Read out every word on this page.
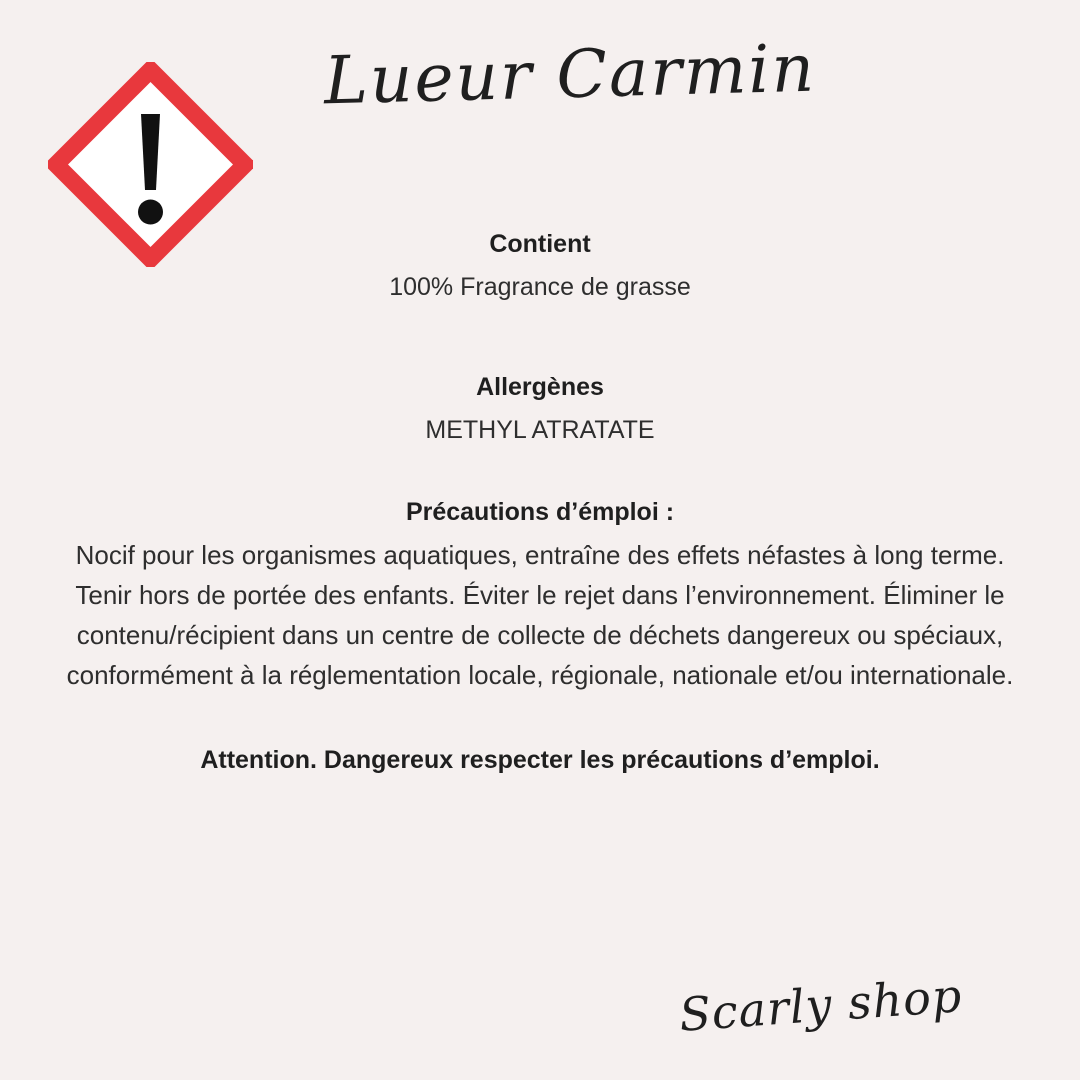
Lueur Carmin
Contient
100% Fragrance de grasse
Allergènes
METHYL ATRATATE
Précautions d’émploi :
Nocif pour les organismes aquatiques, entraîne des effets néfastes à long terme. Tenir hors de portée des enfants. Éviter le rejet dans l’environnement. Éliminer le contenu/récipient dans un centre de collecte de déchets dangereux ou spéciaux, conformément à la réglementation locale, régionale, nationale et/ou internationale.
Attention. Dangereux respecter les précautions d’emploi.
Scarly shop
